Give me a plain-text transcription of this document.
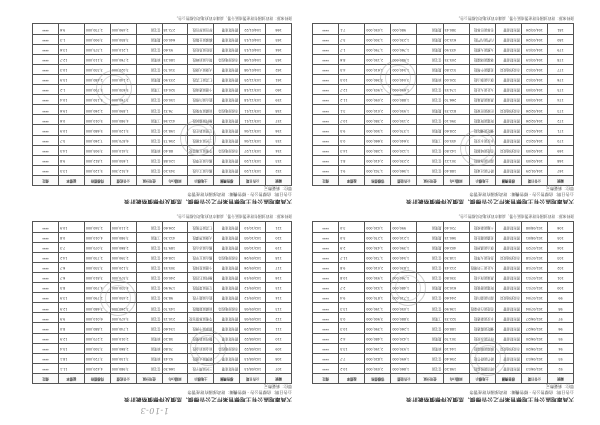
大高雄地區公有土地標售案件之公告標價、底價及得標價格統計表
公告日期：依標售公告 · 標售機關：財政部國有財產署等
單位：新臺幣元
編號	公告日期	標售機關	土地標示	面積(㎡)	使用分區	公告底價	得標價格	溢價率	備註
152	103/11/20	國有財產署	鳳山區文山段	345.20	住宅區	4,512,300	5,120,000	13.5	****
153	103/11/20	國有財產署	鳳山區光華段	120.88	住宅區	1,650,000	1,812,000	9.8	****
154	103/11/27	市政府地政局	苓雅區五塊厝段	88.40	商業區	3,410,000	3,905,000	14.5	****
155	103/12/04	國有財產署	三民區本館段	256.73	住宅區	6,870,500	7,260,000	5.7	****
156	103/12/04	國有財產署	左營區新庄段	198.10	住宅區	5,120,000	5,680,000	10.9	****
157	103/12/11	國有財產署	楠梓區德民段	412.56	工業區	4,980,000	5,010,000	0.6	****
158	103/12/11	市政府地政局	前鎮區草衙段	76.32	住宅區	1,890,000	2,260,000	19.6	****
159	103/12/18	國有財產署	鼓山區內惟段	150.00	住宅區	3,760,000	4,150,000	10.4	****
160	103/12/18	國有財產署	小港區港南段	520.45	工業區	5,630,000	5,700,000	1.2	****
161	103/12/25	國有財產署	仁武區仁武段	233.90	農業區	2,140,000	2,480,000	15.9	****
162	104/01/08	國有財產署	大寮區大寮段	310.70	住宅區	3,020,000	3,330,000	10.3	****
163	104/01/08	市政府地政局	岡山區前峰段	180.25	商業區	2,760,000	3,110,000	12.7	****
164	104/01/15	國有財產署	鳥松區鳥松段	95.60	住宅區	1,210,000	1,375,000	13.6	****
165	104/01/15	國有財產署	橋頭區仕隆段	640.00	農業區	3,850,000	3,900,000	1.3	****
166	104/01/22	國有財產署	梓官區梓官段	272.18	住宅區	2,490,000	2,730,000	9.6	****
資料來源：財政部國有財產署南區分署、高雄市政府地政局標售公告。
大高雄地區公有土地標售案件之公告標價、底價及得標價格統計表
公告日期：依標售公告 · 標售機關：財政部國有財產署等
單位：新臺幣元
編號	公告日期	標售機關	土地標示	面積(㎡)	使用分區	公告底價	得標價格	溢價率	備註
167	104/01/29	國有財產署	路竹區社東段	188.40	住宅區	1,560,000	1,702,000	9.1	****
168	104/02/05	國有財產署	湖內區海埔段	301.22	住宅區	2,230,000	2,410,000	8.1	****
169	104/02/05	市政府地政局	茄萣區崎漏段	142.80	住宅區	1,120,000	1,280,000	14.3	****
170	104/02/12	國有財產署	永安區永安段	455.00	工業區	3,640,000	3,660,000	0.5	****
171	104/02/12	國有財產署	彌陀區彌陀段	228.60	農業區	1,370,000	1,500,000	9.5	****
172	104/02/26	國有財產署	阿蓮區阿蓮段	390.10	住宅區	2,150,000	2,380,000	10.7	****
173	104/02/26	市政府地政局	田寮區田寮段	812.35	農業區	1,950,000	2,010,000	3.1	****
174	104/03/05	國有財產署	燕巢區燕巢段	266.70	住宅區	1,880,000	2,090,000	11.2	****
175	104/03/05	國有財產署	大社區大社段	174.55	住宅區	1,690,000	1,905,000	12.7	****
176	104/03/12	國有財產署	旗山區旗山段	320.00	商業區	3,040,000	3,360,000	10.5	****
177	104/03/12	市政府地政局	美濃區中壇段	512.80	農業區	1,540,000	1,610,000	4.5	****
178	104/03/19	國有財產署	林園區林園段	205.35	住宅區	1,980,000	2,150,000	8.6	****
179	104/03/19	國有財產署	大樹區大樹段	433.90	農業區	1,760,000	1,790,000	1.7	****
180	104/03/26	國有財產署	內門區內門段	615.20	農業區	1,230,000	1,300,000	5.7	****
181	104/03/26	國有財產署	杉林區杉林段	380.45	農業區	980,000	1,050,000	7.1	****
資料來源：財政部國有財產署南區分署、高雄市政府地政局標售公告。
大高雄地區公有土地標售案件之公告標價、底價及得標價格統計表
公告日期：依標售公告 · 標售機關：財政部國有財產署等
單位：新臺幣元
編號	公告日期	標售機關	土地標示	面積(㎡)	使用分區	公告底價	得標價格	溢價率	備註
107	102/08/15	國有財產署	三民區灣子段	166.30	住宅區	3,980,000	4,420,000	11.1	****
108	102/08/15	國有財產署	新興區大港段	92.45	商業區	3,150,000	3,720,000	18.1	****
109	102/08/22	市政府地政局	前金區前金段	70.80	商業區	2,860,000	3,300,000	15.4	****
110	102/08/22	國有財產署	鹽埕區新樂段	58.20	商業區	2,010,000	2,270,000	12.9	****
111	102/08/29	國有財產署	旗津區中洲段	134.60	住宅區	1,740,000	1,880,000	8.0	****
112	102/09/05	國有財產署	苓雅區林德官段	210.15	住宅區	5,470,000	6,010,000	9.9	****
113	102/09/05	市政府地政局	前鎮區瑞隆段	145.70	住宅區	3,260,000	3,680,000	12.9	****
114	102/09/12	國有財產署	鼓山區龍子段	98.30	住宅區	2,450,000	2,790,000	13.9	****
115	102/09/12	國有財產署	左營區果貿段	176.90	住宅區	4,330,000	4,700,000	8.5	****
116	102/09/19	國有財產署	楠梓區右昌段	240.00	住宅區	3,570,000	3,810,000	6.7	****
117	102/09/26	國有財產署	小港區桂林段	305.55	住宅區	3,120,000	3,330,000	6.7	****
118	102/09/26	市政府地政局	鳳山區五甲段	128.40	住宅區	2,390,000	2,730,000	14.2	****
119	102/10/03	國有財產署	鳳山區赤山段	189.75	住宅區	2,860,000	3,070,000	7.3	****
120	102/10/03	國有財產署	大寮區拷潭段	412.30	工業區	3,980,000	4,010,000	0.8	****
121	102/10/10	國有財產署	仁武區竹後段	226.60	住宅區	2,110,000	2,340,000	10.9	****
資料來源：財政部國有財產署南區分署、高雄市政府地政局標售公告。
大高雄地區公有土地標售案件之公告標價、底價及得標價格統計表
公告日期：依標售公告 · 標售機關：財政部國有財產署等
單位：新臺幣元
編號	公告日期	標售機關	土地標示	面積(㎡)	使用分區	公告底價	得標價格	溢價率	備註
92	102/06/13	國有財產署	岡山區後協段	198.20	住宅區	1,860,000	2,050,000	10.2	****
93	102/06/13	國有財產署	路竹區路竹段	256.40	住宅區	1,690,000	1,820,000	7.7	****
94	102/06/20	市政府地政局	橋頭區橋頭段	144.10	商業區	1,930,000	2,190,000	13.5	****
95	102/06/20	國有財產署	梓官區赤崁段	301.70	農業區	1,420,000	1,480,000	4.2	****
96	102/06/27	國有財產署	彌陀區舊港段	188.00	住宅區	1,260,000	1,390,000	10.3	****
97	102/06/27	國有財產署	永安區新港段	522.35	工業區	3,880,000	3,900,000	0.5	****
98	102/07/04	國有財產署	茄萣區白砂崙段	136.90	住宅區	1,050,000	1,190,000	13.3	****
99	102/07/04	市政府地政局	湖內區湖內段	244.60	住宅區	1,710,000	1,870,000	9.4	****
100	102/07/11	國有財產署	阿蓮區港後段	610.20	農業區	1,480,000	1,520,000	2.7	****
101	102/07/11	國有財產署	燕巢區深水段	330.80	住宅區	1,760,000	1,950,000	10.8	****
102	102/07/18	國有財產署	大社區三奶壇段	212.45	住宅區	1,830,000	2,010,000	9.8	****
103	102/07/18	市政府地政局	鳥松區大華段	118.30	住宅區	1,540,000	1,720,000	11.7	****
104	102/07/25	國有財產署	旗山區溪洲段	402.60	農業區	1,390,000	1,430,000	2.9	****
105	102/08/01	國有財產署	美濃區龍肚段	560.15	農業區	1,210,000	1,270,000	5.0	****
106	102/08/08	國有財產署	六龜區新威段	720.40	農業區	990,000	1,020,000	3.0	****
資料來源：財政部國有財產署南區分署、高雄市政府地政局標售公告。
1-10-3
